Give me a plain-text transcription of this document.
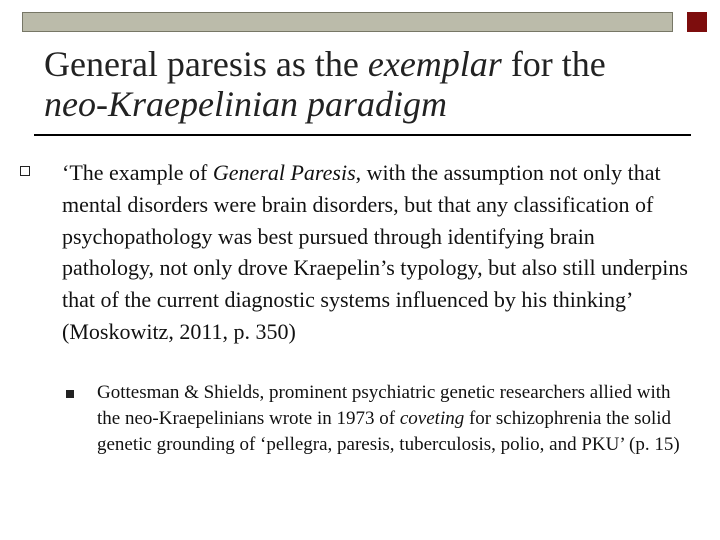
General paresis as the exemplar for the
neo-Kraepelinian paradigm

‘The example of General Paresis, with the assumption not only that mental disorders were brain disorders, but that any classification of psychopathology was best pursued through identifying brain pathology, not only drove Kraepelin’s typology, but also still underpins that of the current diagnostic systems influenced by his thinking’ (Moskowitz, 2011, p. 350)

Gottesman & Shields, prominent psychiatric genetic researchers allied with the neo-Kraepelinians wrote in 1973 of coveting for schizophrenia the solid genetic grounding of ‘pellegra, paresis, tuberculosis, polio, and PKU’ (p. 15)
